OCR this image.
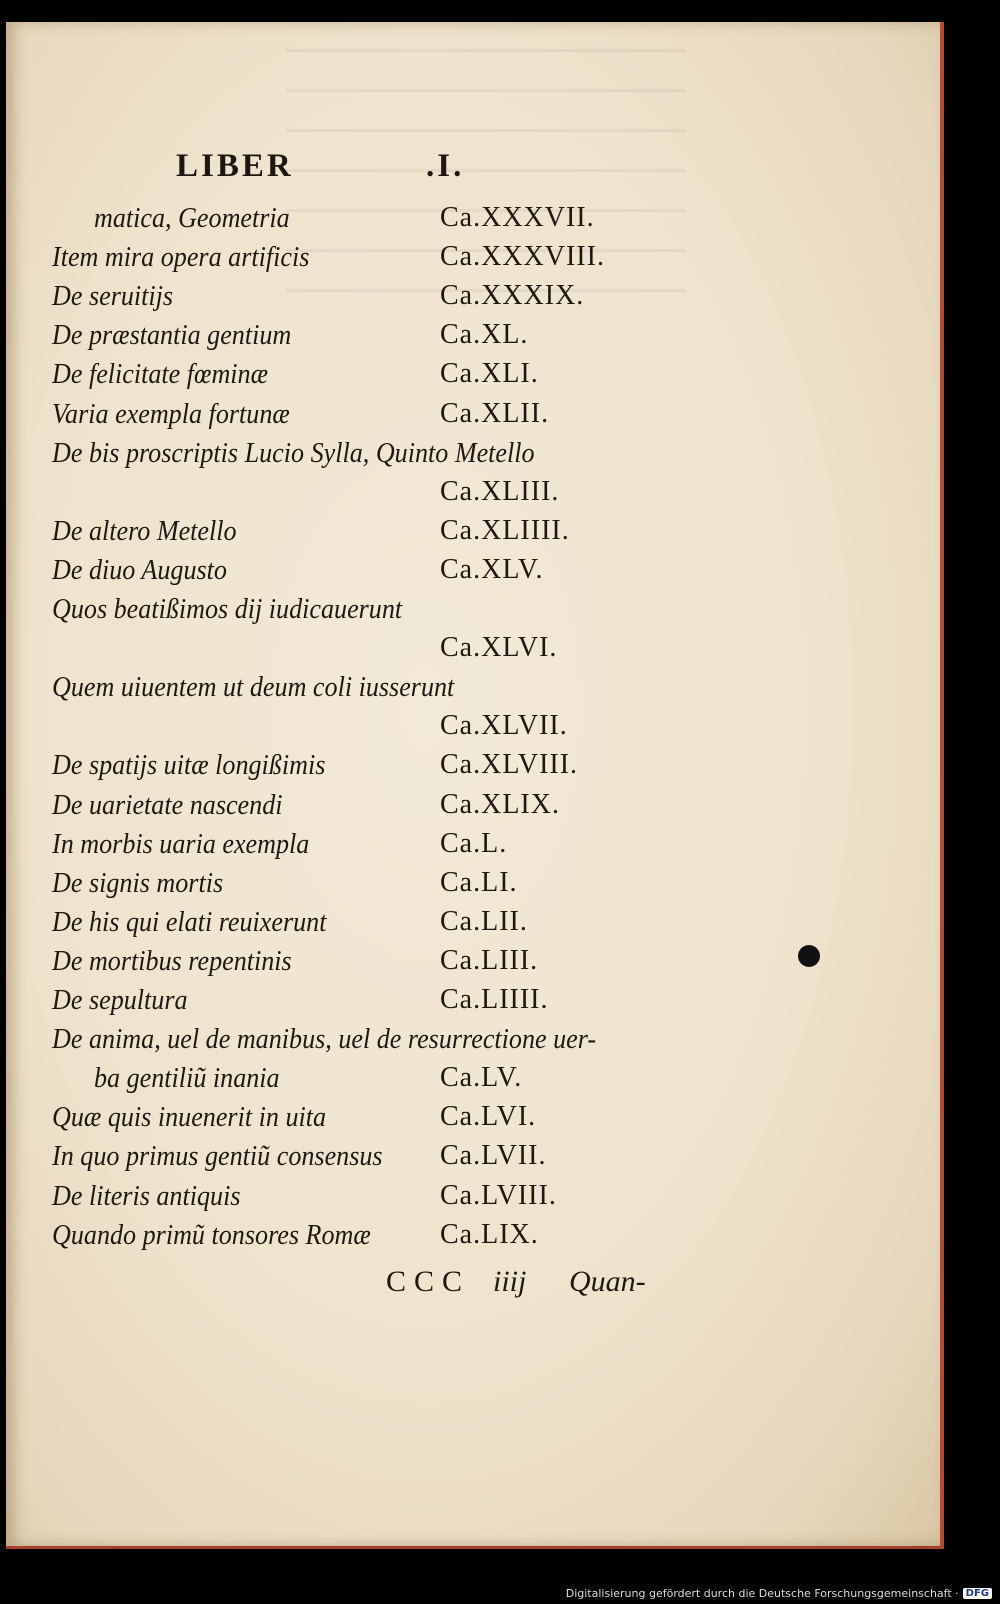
LIBER	.I.
matica, Geometria	Ca.XXXVII.
Item mira opera artificis	Ca.XXXVIII.
De seruitijs	Ca.XXXIX.
De præstantia gentium	Ca.XL.
De felicitate fœminæ	Ca.XLI.
Varia exempla fortunæ	Ca.XLII.
De bis proscriptis Lucio Sylla, Quinto Metello
Ca.XLIII.
De altero Metello	Ca.XLIIII.
De diuo Augusto	Ca.XLV.
Quos beatißimos dij iudicauerunt
Ca.XLVI.
Quem uiuentem ut deum coli iusserunt
Ca.XLVII.
De spatijs uitæ longißimis	Ca.XLVIII.
De uarietate nascendi	Ca.XLIX.
In morbis uaria exempla	Ca.L.
De signis mortis	Ca.LI.
De his qui elati reuixerunt	Ca.LII.
De mortibus repentinis	Ca.LIII.
De sepultura	Ca.LIIII.
De anima, uel de manibus, uel de resurrectione uer-
ba gentiliũ inania	Ca.LV.
Quæ quis inuenerit in uita	Ca.LVI.
In quo primus gentiũ consensus Ca.LVII.
De literis antiquis	Ca.LVIII.
Quando primũ tonsores Romæ Ca.LIX.
CCC iiij Quan-
Digitalisierung gefördert durch die Deutsche Forschungsgemeinschaft · DFG
